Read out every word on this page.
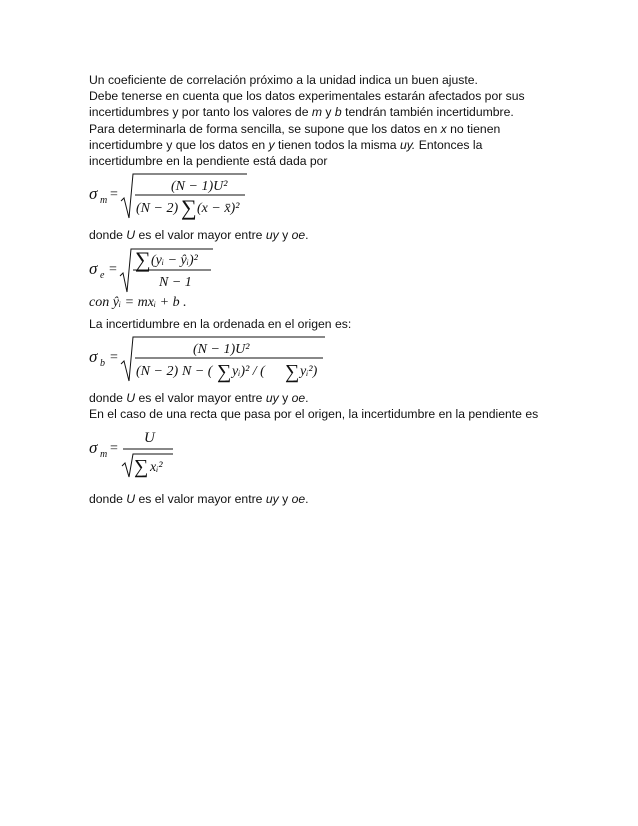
Un coeficiente de correlación próximo a la unidad indica un buen ajuste.

Debe tenerse en cuenta que los datos experimentales estarán afectados por sus incertidumbres y por tanto los valores de m y b tendrán también incertidumbre.

Para determinarla de forma sencilla, se supone que los datos en x no tienen incertidumbre y que los datos en y tienen todos la misma uy. Entonces la incertidumbre en la pendiente está dada por

σ m =
(N − 1)U²
(N − 2) ∑ (x − x̄)²

donde U es el valor mayor entre uy y oe.

σ e = ∑ (yᵢ − ŷᵢ)²
N − 1
con ŷᵢ = mxᵢ + b .

La incertidumbre en la ordenada en el origen es:

σ b =
(N − 1)U²
(N − 2) N − ( ∑ yᵢ)² / ( ∑ yᵢ²)

donde U es el valor mayor entre uy y oe.

En el caso de una recta que pasa por el origen, la incertidumbre en la pendiente es

σ m =
U
∑ xᵢ²

donde U es el valor mayor entre uy y oe.
